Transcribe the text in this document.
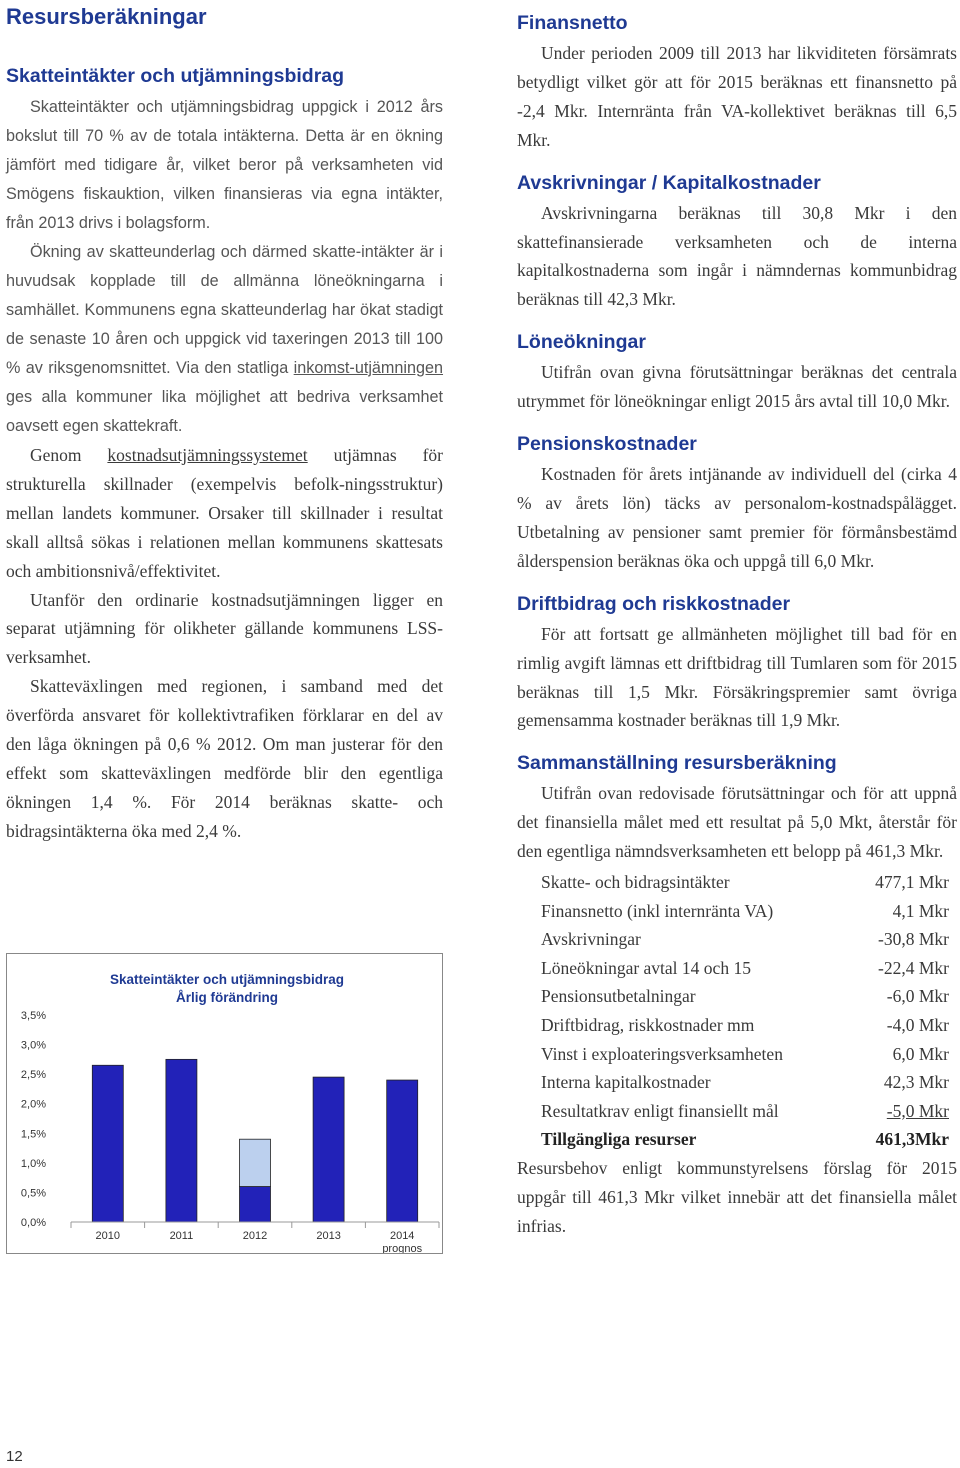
Resursberäkningar
Skatteintäkter och utjämningsbidrag

Skatteintäkter och utjämningsbidrag uppgick i 2012 års bokslut till 70 % av de totala intäkterna. Detta är en ökning jämfört med tidigare år, vilket beror på verksamheten vid Smögens fiskauktion, vilken finansieras via egna intäkter, från 2013 drivs i bolagsform.

Ökning av skatteunderlag och därmed skatte-intäkter är i huvudsak kopplade till de allmänna löneökningarna i samhället. Kommunens egna skatteunderlag har ökat stadigt de senaste 10 åren och uppgick vid taxeringen 2013 till 100 % av riksgenomsnittet. Via den statliga inkomst-utjämningen ges alla kommuner lika möjlighet att bedriva verksamhet oavsett egen skattekraft.

Genom kostnadsutjämningssystemet utjämnas för strukturella skillnader (exempelvis befolk-ningsstruktur) mellan landets kommuner. Orsaker till skillnader i resultat skall alltså sökas i relationen mellan kommunens skattesats och ambitionsnivå/effektivitet.

Utanför den ordinarie kostnadsutjämningen ligger en separat utjämning för olikheter gällande kommunens LSS-verksamhet.

Skatteväxlingen med regionen, i samband med det överförda ansvaret för kollektivtrafiken förklarar en del av den låga ökningen på 0,6 % 2012. Om man justerar för den effekt som skatteväxlingen medförde blir den egentliga ökningen 1,4 %. För 2014 beräknas skatte- och bidragsintäkterna öka med 2,4 %.

Skatteintäkter och utjämningsbidrag
Årlig förändring
0,0%
0,5%
1,0%
1,5%
2,0%
2,5%
3,0%
3,5%
2010	2011	2012	2013	2014
prognos
Finansnetto

Under perioden 2009 till 2013 har likviditeten försämrats betydligt vilket gör att för 2015 beräknas ett finansnetto på -2,4 Mkr. Internränta från VA-kollektivet beräknas till 6,5 Mkr.

Avskrivningar / Kapitalkostnader

Avskrivningarna beräknas till 30,8 Mkr i den skattefinansierade verksamheten och de interna kapitalkostnaderna som ingår i nämndernas kommunbidrag beräknas till 42,3 Mkr.

Löneökningar

Utifrån ovan givna förutsättningar beräknas det centrala utrymmet för löneökningar enligt 2015 års avtal till 10,0 Mkr.

Pensionskostnader

Kostnaden för årets intjänande av individuell del (cirka 4 % av årets lön) täcks av personalom-kostnadspålägget. Utbetalning av pensioner samt premier för förmånsbestämd ålderspension beräknas öka och uppgå till 6,0 Mkr.

Driftbidrag och riskkostnader

För att fortsatt ge allmänheten möjlighet till bad för en rimlig avgift lämnas ett driftbidrag till Tumlaren som för 2015 beräknas till 1,5 Mkr. Försäkringspremier samt övriga gemensamma kostnader beräknas till 1,9 Mkr.

Sammanställning resursberäkning

Utifrån ovan redovisade förutsättningar och för att uppnå det finansiella målet med ett resultat på 5,0 Mkt, återstår för den egentliga nämndsverksamheten ett belopp på 461,3 Mkr.

Skatte- och bidragsintäkter	477,1 Mkr
Finansnetto (inkl internränta VA)	4,1 Mkr
Avskrivningar	-30,8 Mkr
Löneökningar avtal 14 och 15	-22,4 Mkr
Pensionsutbetalningar	-6,0 Mkr
Driftbidrag, riskkostnader mm	-4,0 Mkr
Vinst i exploateringsverksamheten	6,0 Mkr
Interna kapitalkostnader	42,3 Mkr
Resultatkrav enligt finansiellt mål	-5,0 Mkr
Tillgängliga resurser	461,3Mkr

Resursbehov enligt kommunstyrelsens förslag för 2015 uppgår till 461,3 Mkr vilket innebär att det finansiella målet infrias.

12
